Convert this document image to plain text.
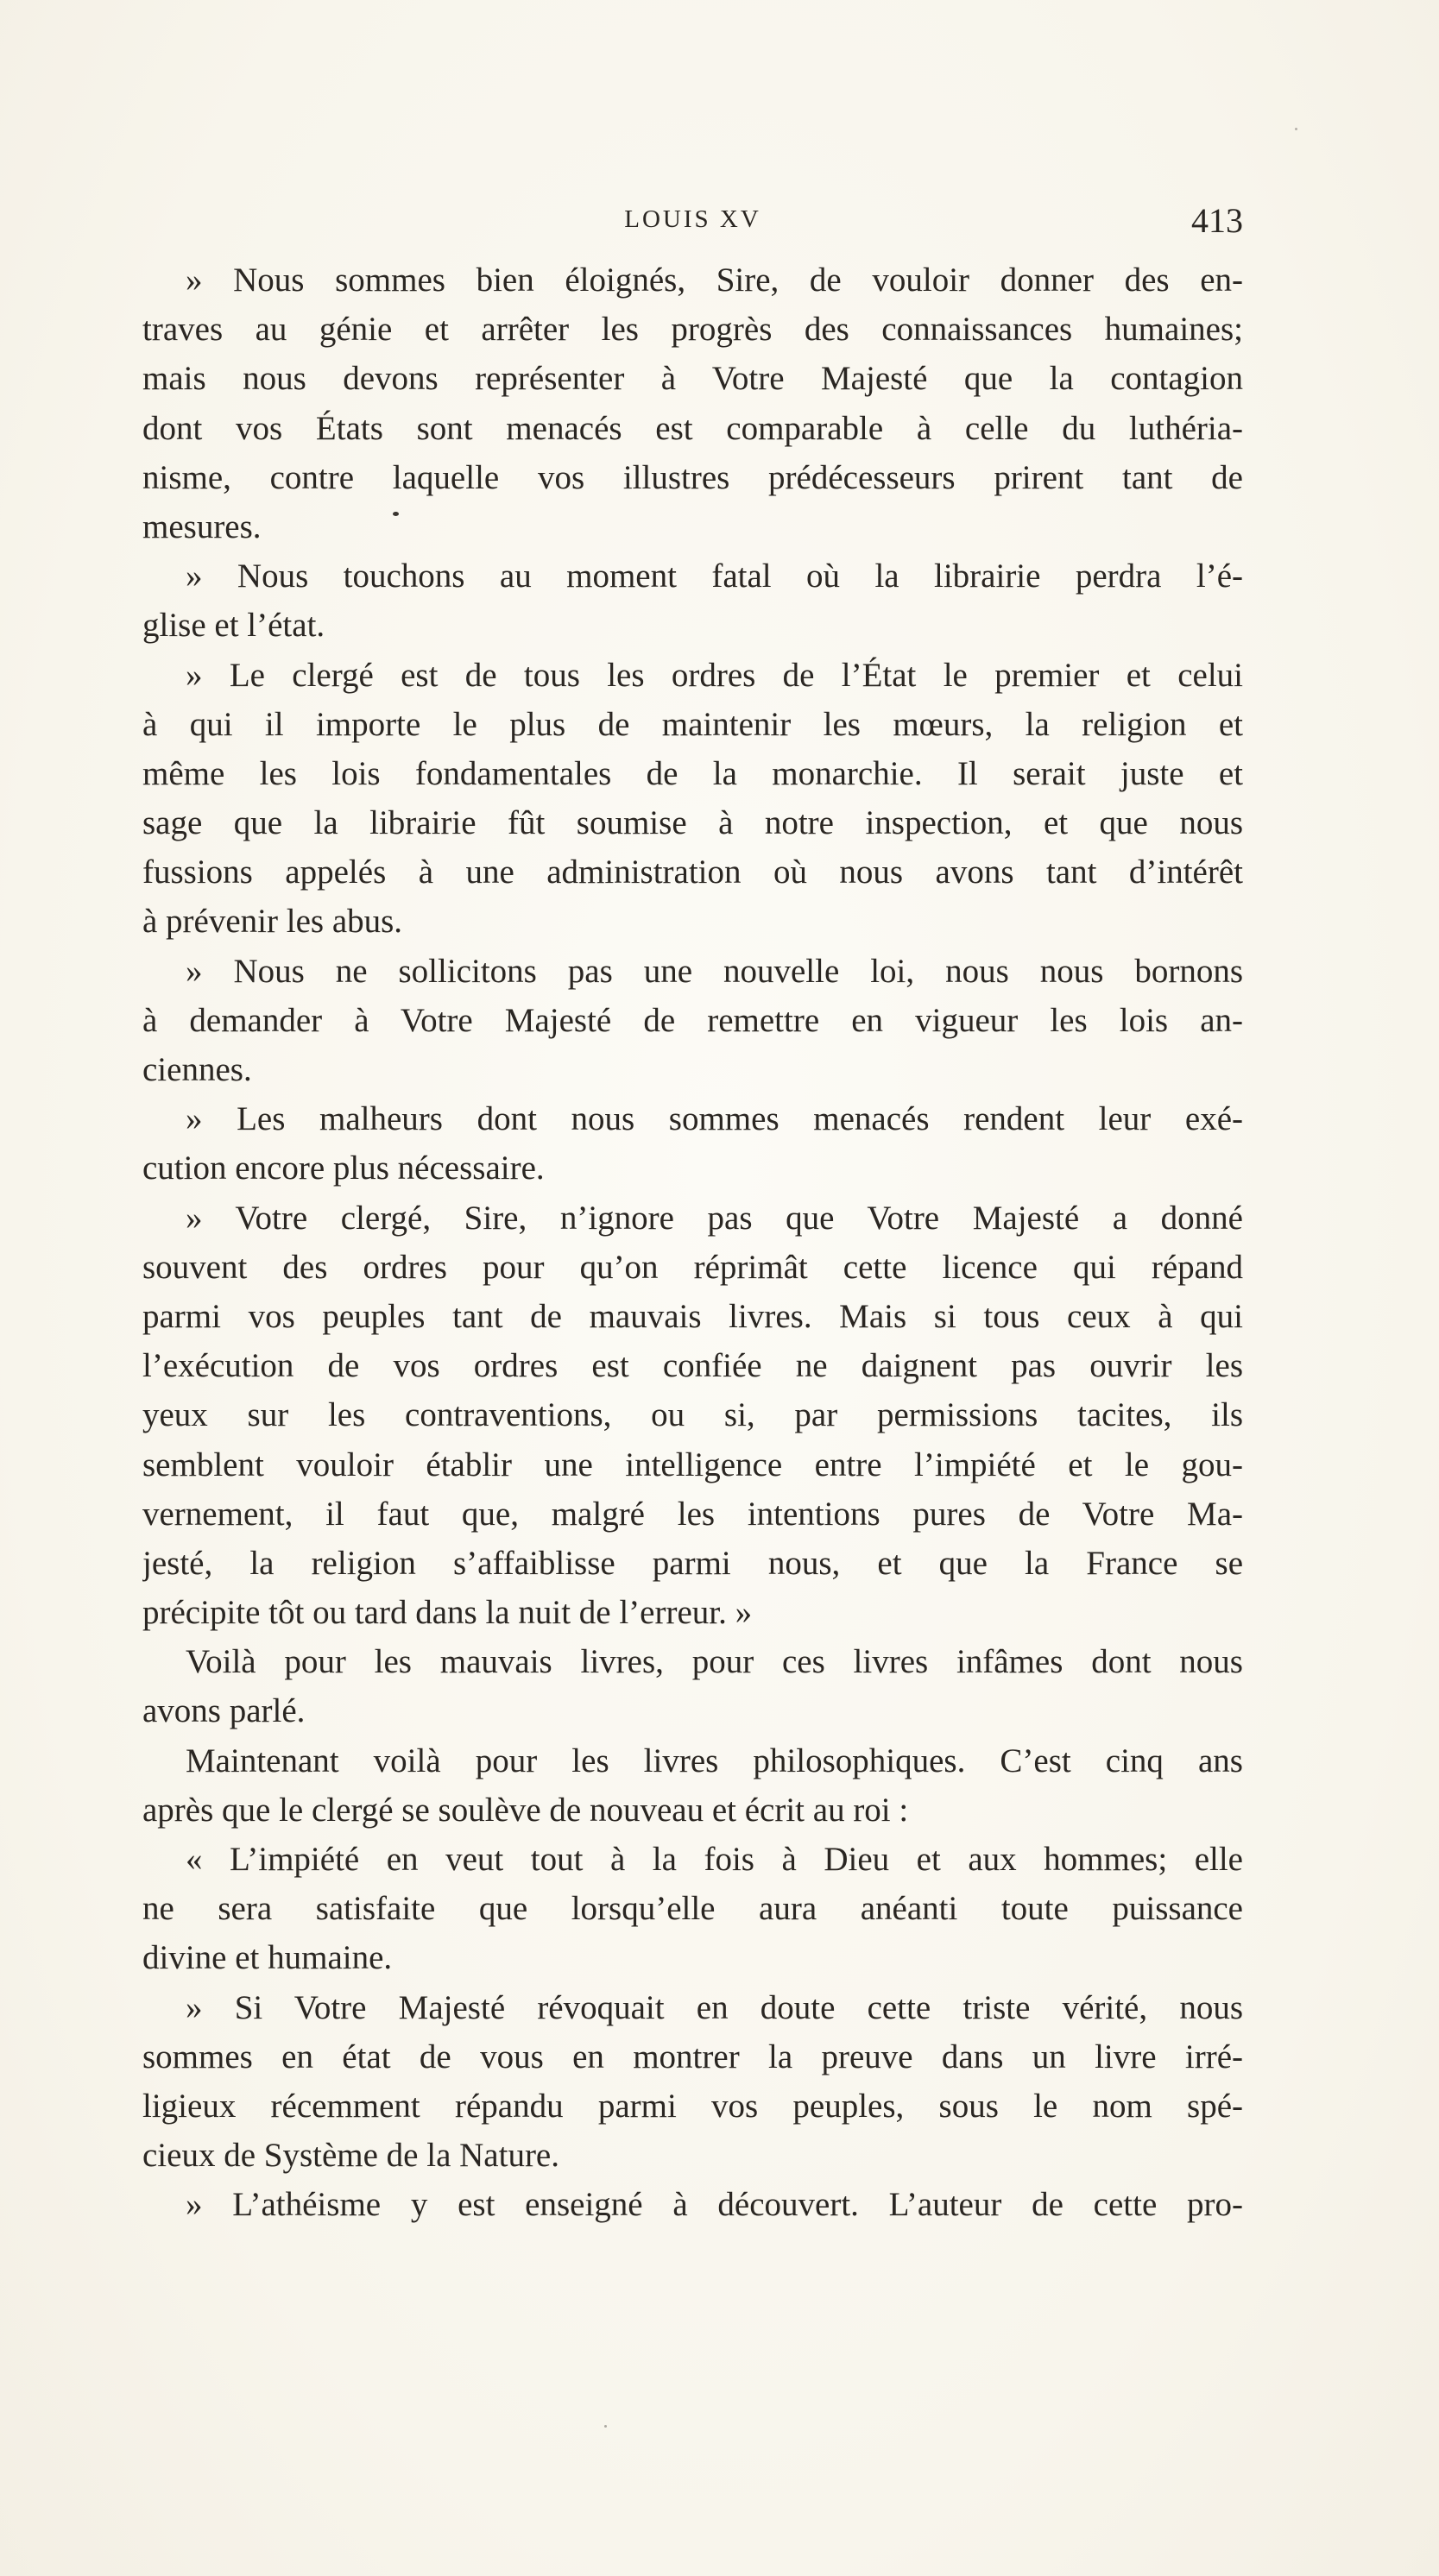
LOUIS XV	413
» Nous sommes bien éloignés, Sire, de vouloir donner des en-
traves au génie et arrêter les progrès des connaissances humaines;
mais nous devons représenter à Votre Majesté que la contagion
dont vos États sont menacés est comparable à celle du luthéria-
nisme, contre laquelle vos illustres prédécesseurs prirent tant de
mesures.
» Nous touchons au moment fatal où la librairie perdra l’é-
glise et l’état.
» Le clergé est de tous les ordres de l’État le premier et celui
à qui il importe le plus de maintenir les mœurs, la religion et
même les lois fondamentales de la monarchie. Il serait juste et
sage que la librairie fût soumise à notre inspection, et que nous
fussions appelés à une administration où nous avons tant d’intérêt
à prévenir les abus.
» Nous ne sollicitons pas une nouvelle loi, nous nous bornons
à demander à Votre Majesté de remettre en vigueur les lois an-
ciennes.
» Les malheurs dont nous sommes menacés rendent leur exé-
cution encore plus nécessaire.
» Votre clergé, Sire, n’ignore pas que Votre Majesté a donné
souvent des ordres pour qu’on réprimât cette licence qui répand
parmi vos peuples tant de mauvais livres. Mais si tous ceux à qui
l’exécution de vos ordres est confiée ne daignent pas ouvrir les
yeux sur les contraventions, ou si, par permissions tacites, ils
semblent vouloir établir une intelligence entre l’impiété et le gou-
vernement, il faut que, malgré les intentions pures de Votre Ma-
jesté, la religion s’affaiblisse parmi nous, et que la France se
précipite tôt ou tard dans la nuit de l’erreur. »
Voilà pour les mauvais livres, pour ces livres infâmes dont nous
avons parlé.
Maintenant voilà pour les livres philosophiques. C’est cinq ans
après que le clergé se soulève de nouveau et écrit au roi :
« L’impiété en veut tout à la fois à Dieu et aux hommes; elle
ne sera satisfaite que lorsqu’elle aura anéanti toute puissance
divine et humaine.
» Si Votre Majesté révoquait en doute cette triste vérité, nous
sommes en état de vous en montrer la preuve dans un livre irré-
ligieux récemment répandu parmi vos peuples, sous le nom spé-
cieux de Système de la Nature.
» L’athéisme y est enseigné à découvert. L’auteur de cette pro-
